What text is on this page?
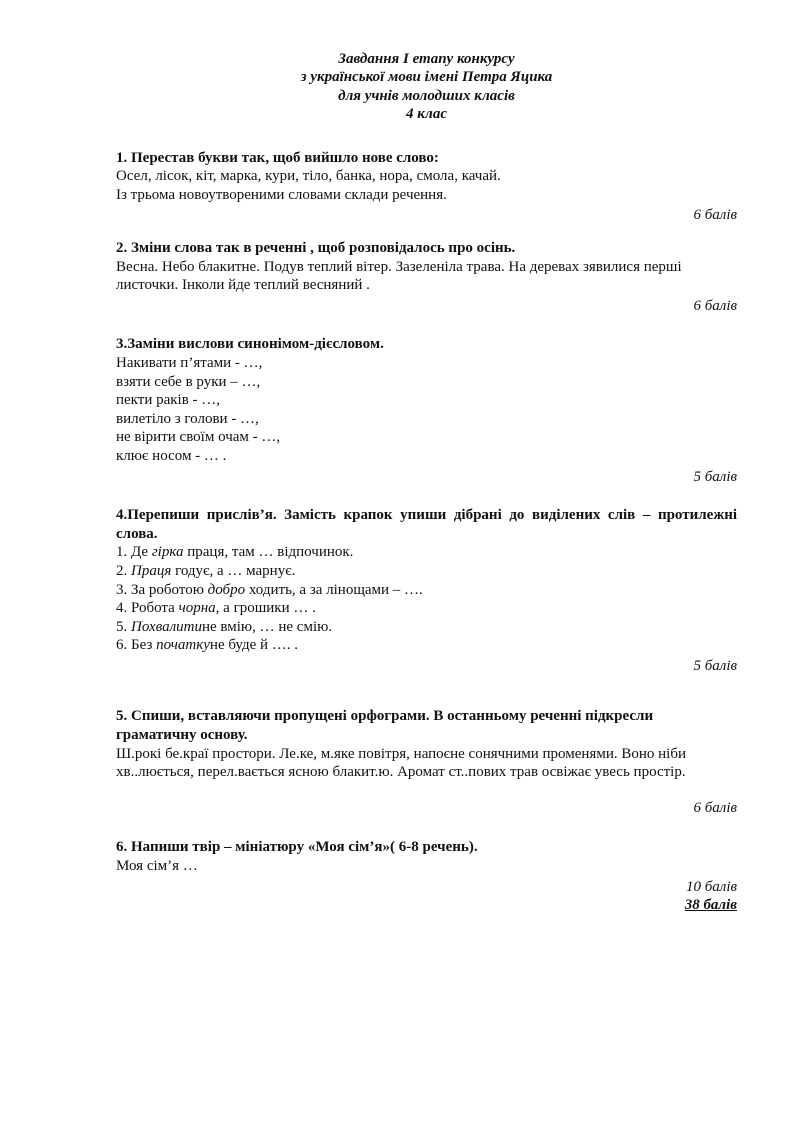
Завдання І етапу конкурсу
з української мови імені Петра Яцика
для учнів молодших класів
4 клас
1. Перестав букви так, щоб вийшло нове слово:
Осел, лісок, кіт, марка, кури, тіло, банка, нора, смола, качай.
Із трьома новоутвореними словами склади речення.
6 балів
2. Зміни слова так в реченні , щоб розповідалось про осінь.
Весна. Небо блакитне. Подув теплий вітер. Зазеленіла трава. На деревах зявилися перші листочки. Інколи йде теплий весняний .
6 балів
3.Заміни вислови синонімом-дієсловом.
Накивати п’ятами - …,
взяти себе в руки – …,
пекти раків - …,
вилетіло з голови - …,
не вірити своїм очам - …,
клює носом - … .
5 балів
4.Перепиши прислів’я. Замість крапок упиши дібрані до виділених слів – протилежні слова.
1. Де гірка праця, там … відпочинок.
2. Праця годує, а … марнує.
3. За роботою добро ходить, а за лінощами – ….
4. Робота чорна, а грошики … .
5. Похвалитине вмію, … не смію.
6. Без початкуне буде й …. .
5 балів
5. Спиши, вставляючи пропущені орфограми. В останньому реченні підкресли граматичну основу.
Ш.рокі бе.краї простори. Ле.ке, м.яке повітря, напоєне сонячними променями. Воно ніби
хв..люється, перел.вається ясною блакит.ю. Аромат ст..пових трав освіжає увесь простір.
6 балів
6. Напиши твір – мініатюру «Моя сім’я»( 6-8 речень).
Моя сім’я …
10 балів
38 балів
